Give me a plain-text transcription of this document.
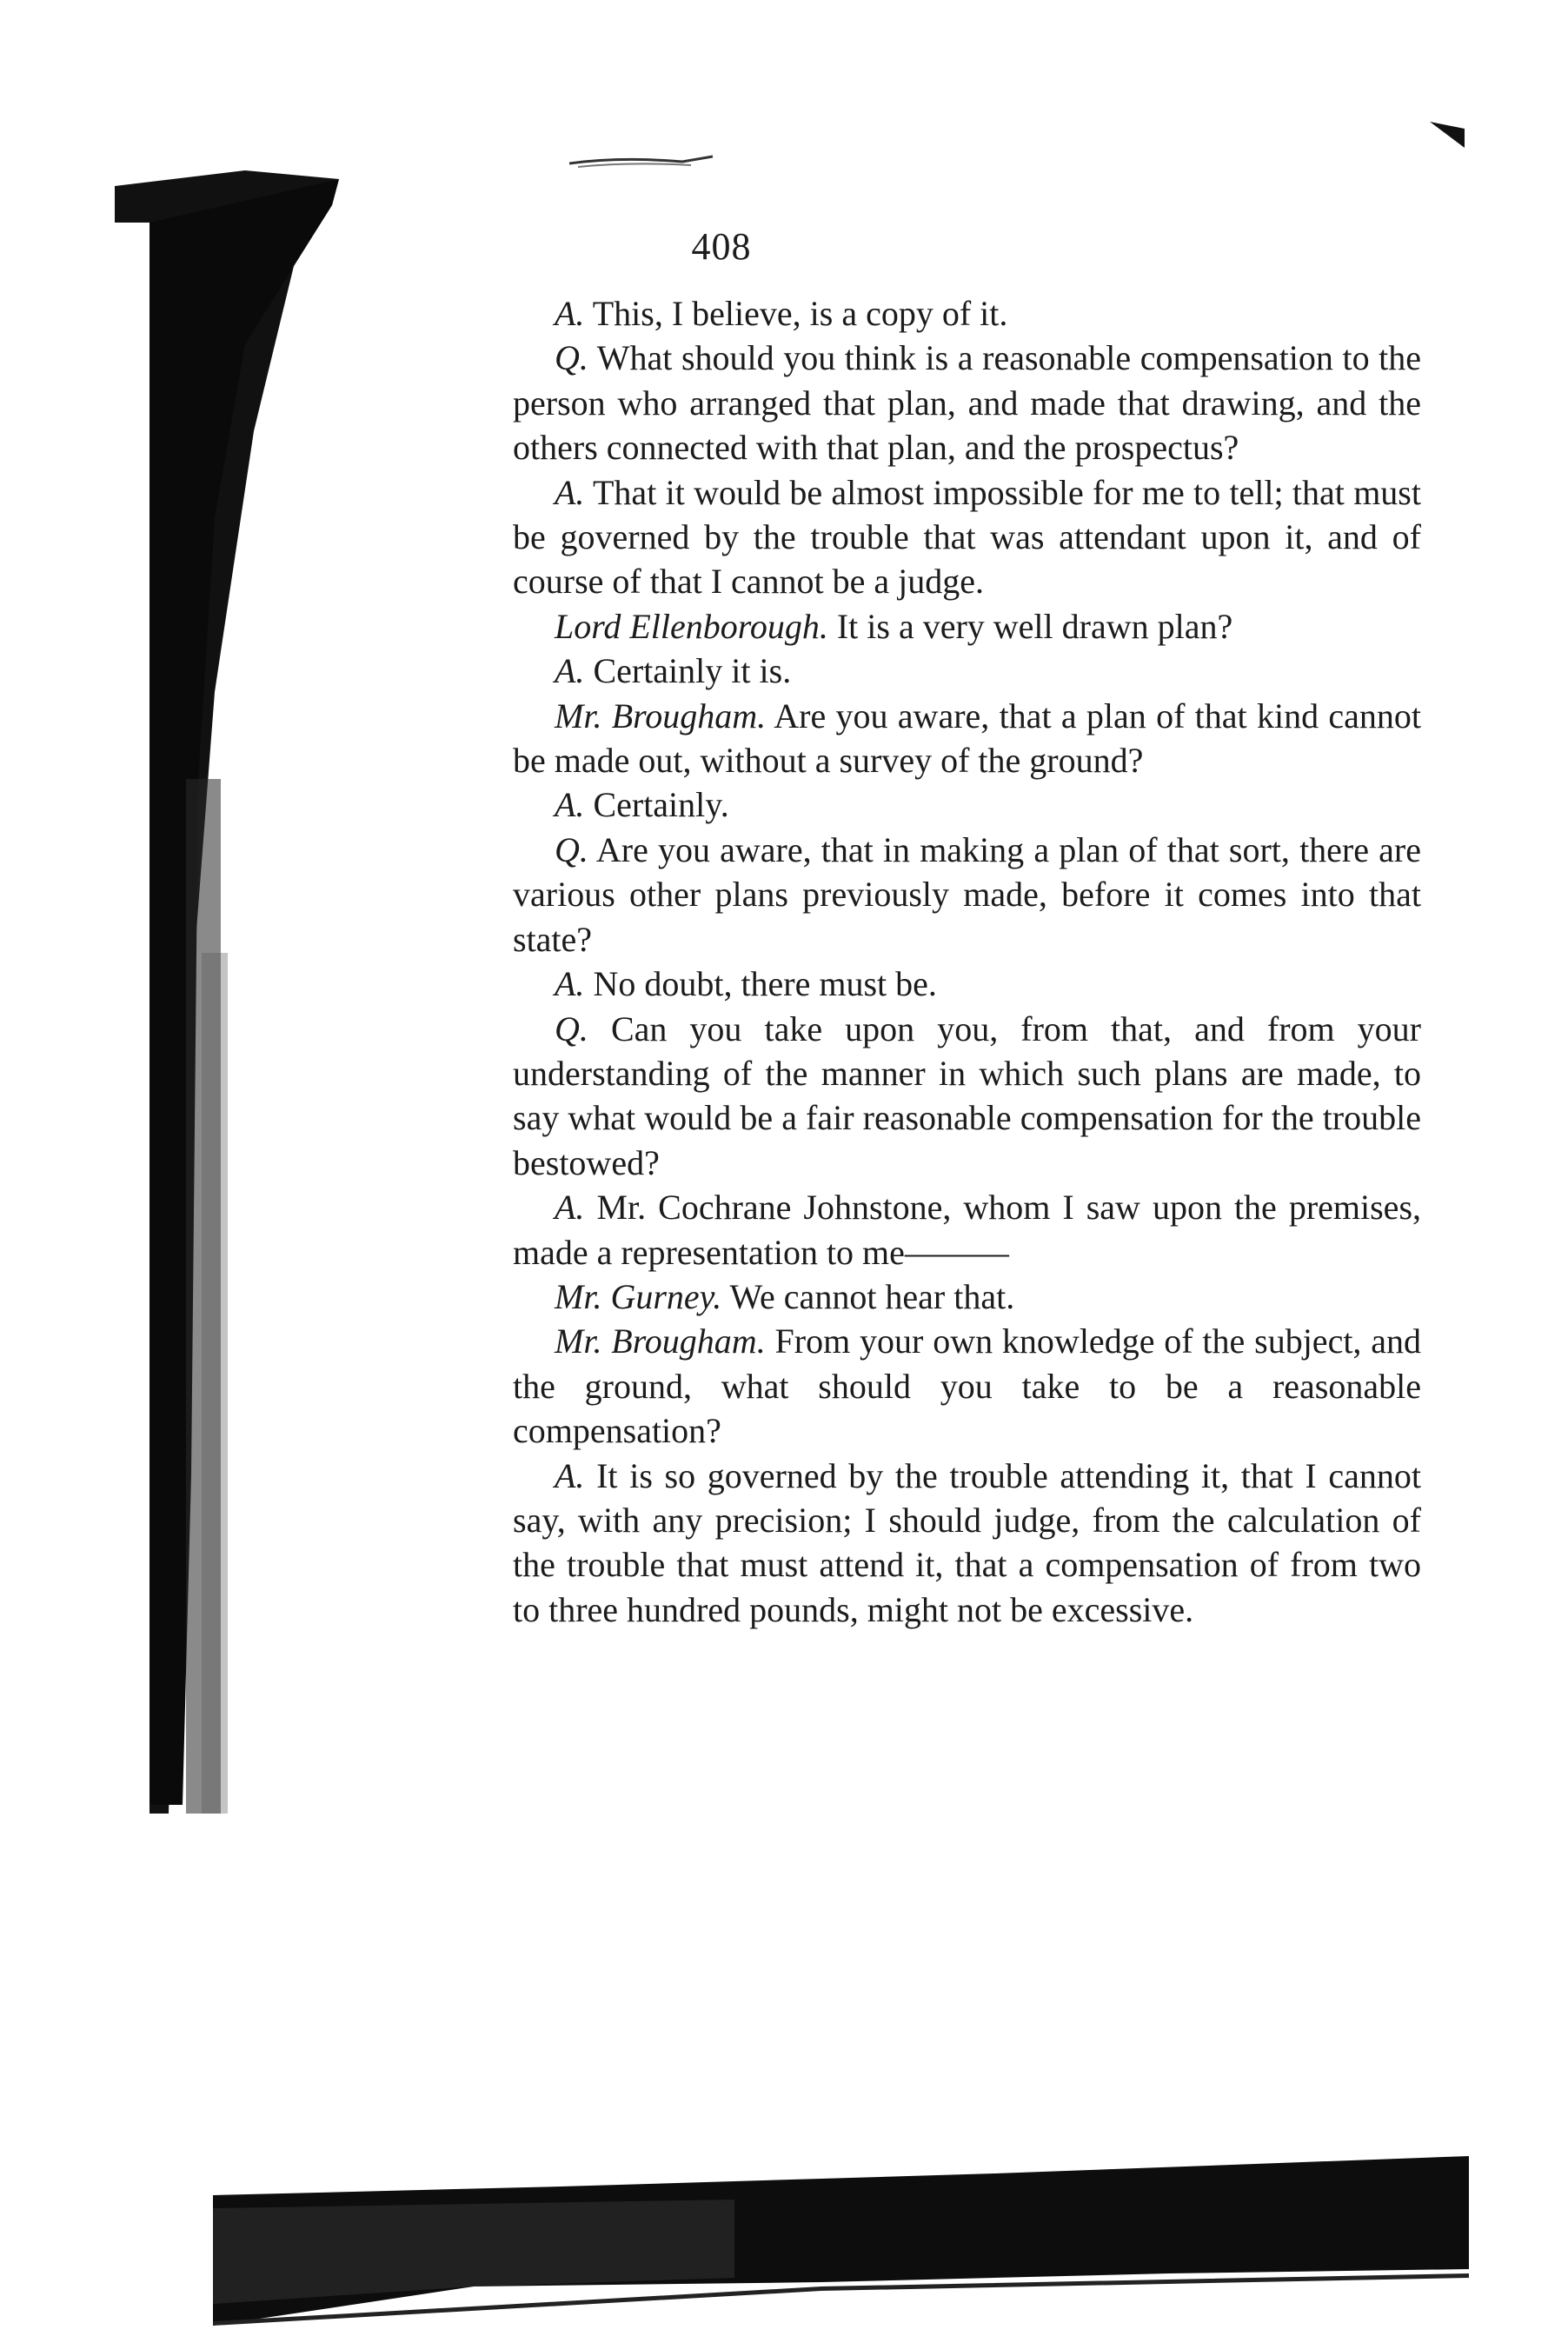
408

A. This, I believe, is a copy of it.

Q. What should you think is a reasonable compensation to the person who arranged that plan, and made that drawing, and the others connected with that plan, and the prospectus?

A. That it would be almost impossible for me to tell; that must be governed by the trouble that was attendant upon it, and of course of that I cannot be a judge.

Lord Ellenborough. It is a very well drawn plan?

A. Certainly it is.

Mr. Brougham. Are you aware, that a plan of that kind cannot be made out, without a survey of the ground?

A. Certainly.

Q. Are you aware, that in making a plan of that sort, there are various other plans previously made, before it comes into that state?

A. No doubt, there must be.

Q. Can you take upon you, from that, and from your understanding of the manner in which such plans are made, to say what would be a fair reasonable compensation for the trouble bestowed?

A. Mr. Cochrane Johnstone, whom I saw upon the premises, made a representation to me———

Mr. Gurney. We cannot hear that.

Mr. Brougham. From your own knowledge of the subject, and the ground, what should you take to be a reasonable compensation?

A. It is so governed by the trouble attending it, that I cannot say, with any precision; I should judge, from the calculation of the trouble that must attend it, that a compensation of from two to three hundred pounds, might not be excessive.
